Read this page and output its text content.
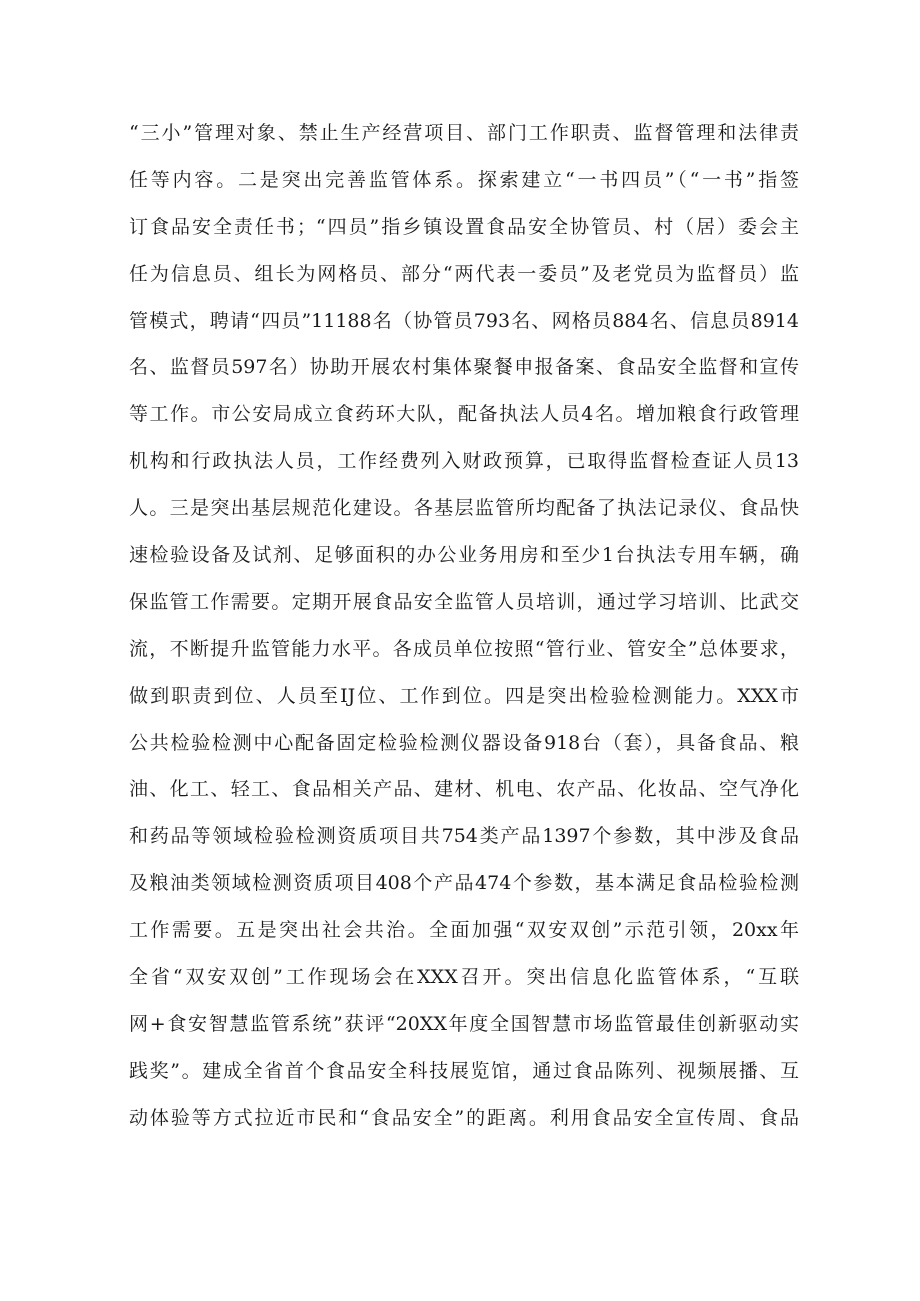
“三小”管理对象、禁止生产经营项目、部门工作职责、监督管理和法律责
任等内容。二是突出完善监管体系。探索建立“一书四员”（“一书”指签
订食品安全责任书；“四员”指乡镇设置食品安全协管员、村（居）委会主
任为信息员、组长为网格员、部分“两代表一委员”及老党员为监督员）监
管模式，聘请“四员”11188名（协管员793名、网格员884名、信息员8914
名、监督员597名）协助开展农村集体聚餐申报备案、食品安全监督和宣传
等工作。市公安局成立食药环大队，配备执法人员4名。增加粮食行政管理
机构和行政执法人员，工作经费列入财政预算，已取得监督检查证人员13
人。三是突出基层规范化建设。各基层监管所均配备了执法记录仪、食品快
速检验设备及试剂、足够面积的办公业务用房和至少1台执法专用车辆，确
保监管工作需要。定期开展食品安全监管人员培训，通过学习培训、比武交
流，不断提升监管能力水平。各成员单位按照“管行业、管安全”总体要求，
做到职责到位、人员至IJ位、工作到位。四是突出检验检测能力。XXX市
公共检验检测中心配备固定检验检测仪器设备918台（套），具备食品、粮
油、化工、轻工、食品相关产品、建材、机电、农产品、化妆品、空气净化
和药品等领域检验检测资质项目共754类产品1397个参数，其中涉及食品
及粮油类领域检测资质项目408个产品474个参数，基本满足食品检验检测
工作需要。五是突出社会共治。全面加强“双安双创”示范引领，20xx年
全省“双安双创”工作现场会在XXX召开。突出信息化监管体系，“互联
网+食安智慧监管系统”获评“20XX年度全国智慧市场监管最佳创新驱动实
践奖”。建成全省首个食品安全科技展览馆，通过食品陈列、视频展播、互
动体验等方式拉近市民和“食品安全”的距离。利用食品安全宣传周、食品
